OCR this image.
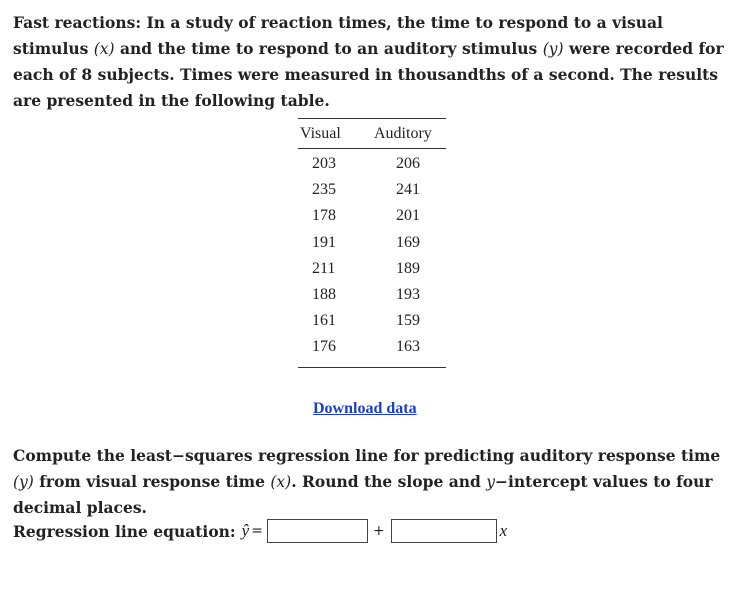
Fast reactions: In a study of reaction times, the time to respond to a visual stimulus (x) and the time to respond to an auditory stimulus (y) were recorded for each of 8 subjects. Times were measured in thousandths of a second. The results are presented in the following table.
Visual	Auditory
203	206
235	241
178	201
191	169
211	189
188	193
161	159
176	163
Download data
Compute the least−squares regression line for predicting auditory response time (y) from visual response time (x). Round the slope and y−intercept values to four decimal places.
Regression line equation: ŷ =	+	x
